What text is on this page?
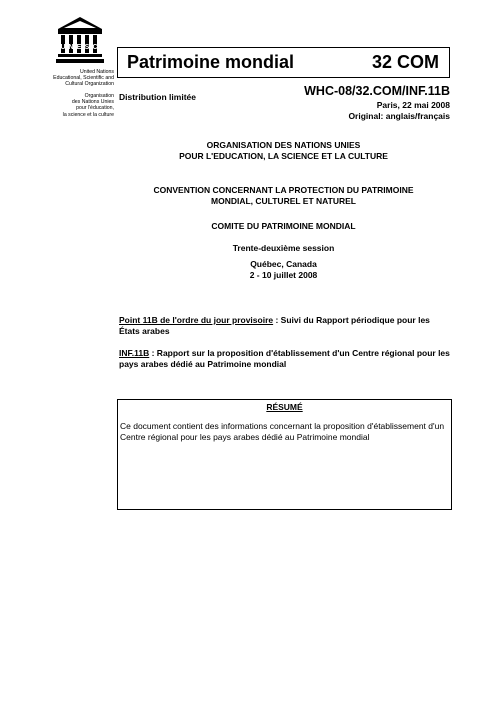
U N E S C
United Nations
Educational, Scientific and
Cultural Organization
Organisation
des Nations Unies
pour l'éducation,
la science et la culture
Patrimoine mondial	32 COM
Distribution limitée	WHC-08/32.COM/INF.11B
Paris, 22 mai 2008
Original: anglais/français
ORGANISATION DES NATIONS UNIES
POUR L'EDUCATION, LA SCIENCE ET LA CULTURE
CONVENTION CONCERNANT LA PROTECTION DU PATRIMOINE
MONDIAL, CULTUREL ET NATUREL
COMITE DU PATRIMOINE MONDIAL
Trente-deuxième session
Québec, Canada
2 - 10 juillet 2008
Point 11B de l'ordre du jour provisoire : Suivi du Rapport périodique pour les États arabes
INF.11B : Rapport sur la proposition d'établissement d'un Centre régional pour les pays arabes dédié au Patrimoine mondial
RÉSUMÉ
Ce document contient des informations concernant la proposition d'établissement d'un Centre régional pour les pays arabes dédié au Patrimoine mondial
